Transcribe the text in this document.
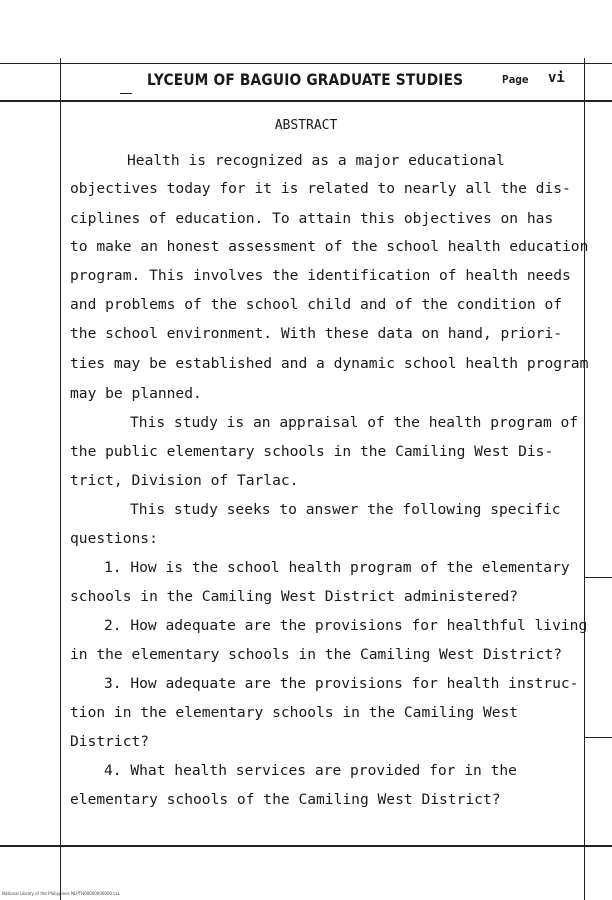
LYCEUM OF BAGUIO GRADUATE STUDIES	Page vi
ABSTRACT
Health is recognized as a major educational
objectives today for it is related to nearly all the dis-
ciplines of education. To attain this objectives on has
to make an honest assessment of the school health education
program. This involves the identification of health needs
and problems of the school child and of the condition of
the school environment. With these data on hand, priori-
ties may be established and a dynamic school health program
may be planned.
This study is an appraisal of the health program of
the public elementary schools in the Camiling West Dis-
trict, Division of Tarlac.
This study seeks to answer the following specific
questions:
1. How is the school health program of the elementary
schools in the Camiling West District administered?
2. How adequate are the provisions for healthful living
in the elementary schools in the Camiling West District?
3. How adequate are the provisions for health instruc-
tion in the elementary schools in the Camiling West
District?
4. What health services are provided for in the
elementary schools of the Camiling West District?
National Library of the Philippines NLPTH00000000000 LLL
